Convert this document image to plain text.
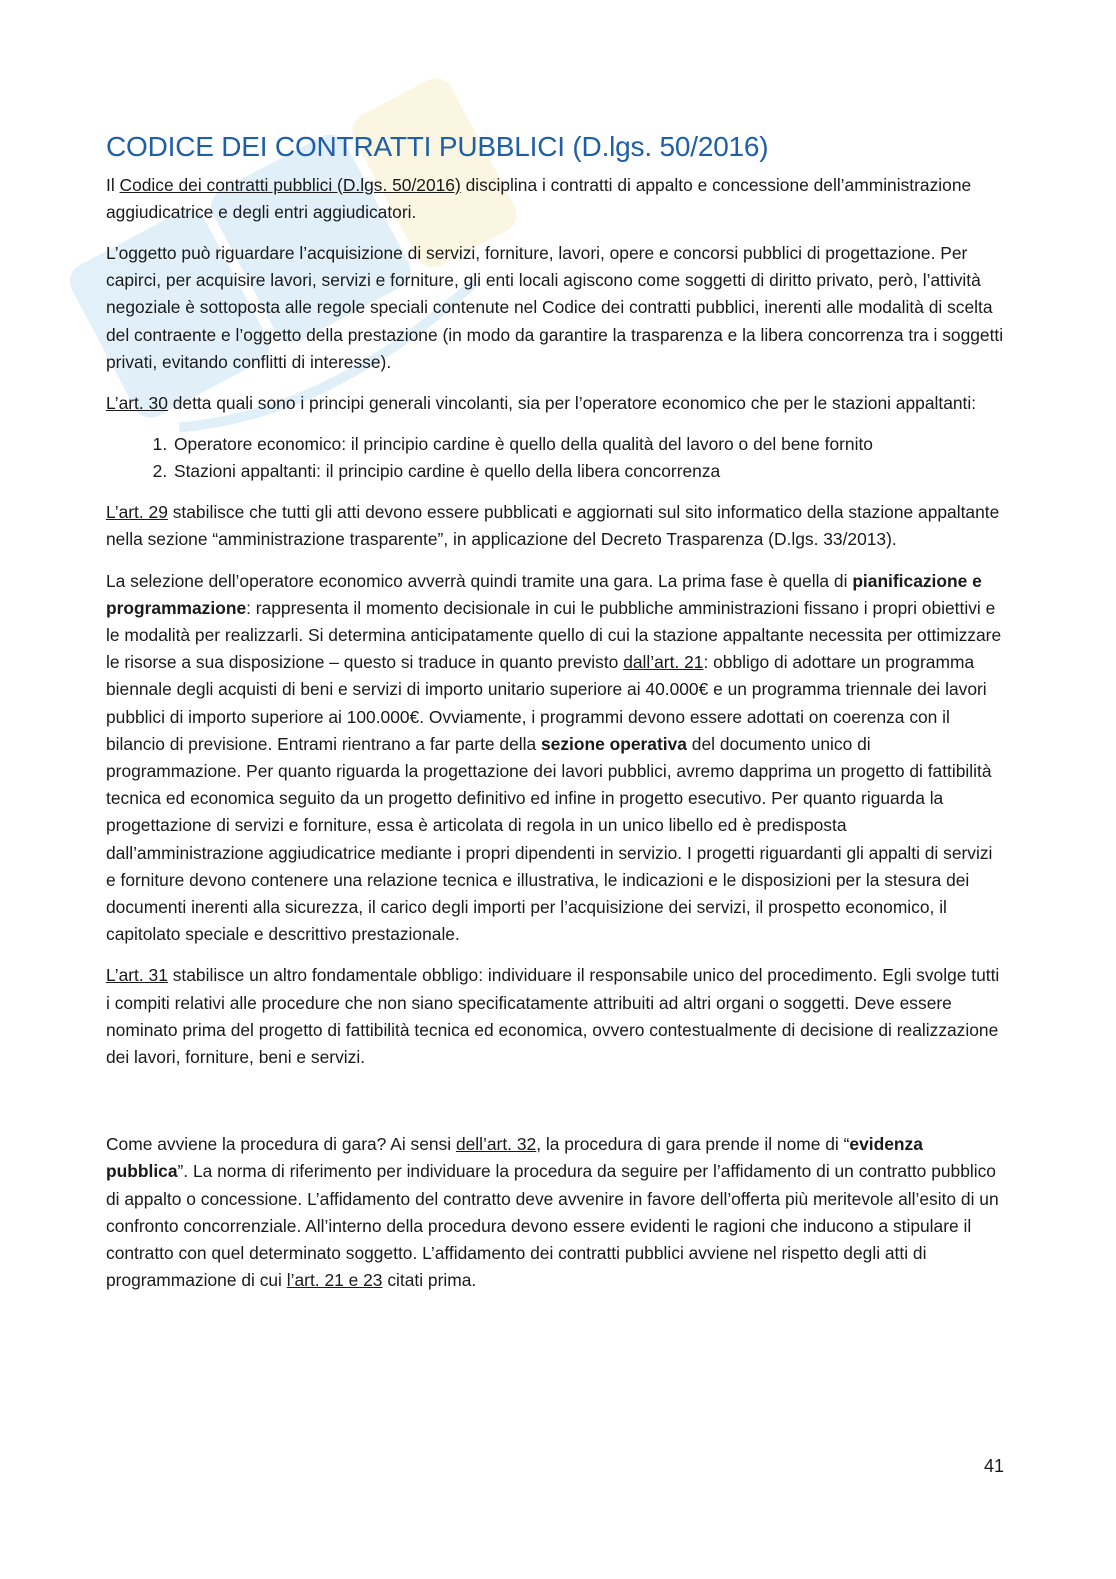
CODICE DEI CONTRATTI PUBBLICI (D.lgs. 50/2016)

Il Codice dei contratti pubblici (D.lgs. 50/2016) disciplina i contratti di appalto e concessione dell’amministrazione aggiudicatrice e degli entri aggiudicatori.

L’oggetto può riguardare l’acquisizione di servizi, forniture, lavori, opere e concorsi pubblici di progettazione. Per capirci, per acquisire lavori, servizi e forniture, gli enti locali agiscono come soggetti di diritto privato, però, l’attività negoziale è sottoposta alle regole speciali contenute nel Codice dei contratti pubblici, inerenti alle modalità di scelta del contraente e l’oggetto della prestazione (in modo da garantire la trasparenza e la libera concorrenza tra i soggetti privati, evitando conflitti di interesse).

L’art. 30 detta quali sono i principi generali vincolanti, sia per l’operatore economico che per le stazioni appaltanti:

1. Operatore economico: il principio cardine è quello della qualità del lavoro o del bene fornito
2. Stazioni appaltanti: il principio cardine è quello della libera concorrenza

L’art. 29 stabilisce che tutti gli atti devono essere pubblicati e aggiornati sul sito informatico della stazione appaltante nella sezione “amministrazione trasparente”, in applicazione del Decreto Trasparenza (D.lgs. 33/2013).

La selezione dell’operatore economico avverrà quindi tramite una gara. La prima fase è quella di pianificazione e programmazione: rappresenta il momento decisionale in cui le pubbliche amministrazioni fissano i propri obiettivi e le modalità per realizzarli. Si determina anticipatamente quello di cui la stazione appaltante necessita per ottimizzare le risorse a sua disposizione – questo si traduce in quanto previsto dall’art. 21: obbligo di adottare un programma biennale degli acquisti di beni e servizi di importo unitario superiore ai 40.000€ e un programma triennale dei lavori pubblici di importo superiore ai 100.000€. Ovviamente, i programmi devono essere adottati on coerenza con il bilancio di previsione. Entrami rientrano a far parte della sezione operativa del documento unico di programmazione. Per quanto riguarda la progettazione dei lavori pubblici, avremo dapprima un progetto di fattibilità tecnica ed economica seguito da un progetto definitivo ed infine in progetto esecutivo. Per quanto riguarda la progettazione di servizi e forniture, essa è articolata di regola in un unico libello ed è predisposta dall’amministrazione aggiudicatrice mediante i propri dipendenti in servizio. I progetti riguardanti gli appalti di servizi e forniture devono contenere una relazione tecnica e illustrativa, le indicazioni e le disposizioni per la stesura dei documenti inerenti alla sicurezza, il carico degli importi per l’acquisizione dei servizi, il prospetto economico, il capitolato speciale e descrittivo prestazionale.

L’art. 31 stabilisce un altro fondamentale obbligo: individuare il responsabile unico del procedimento. Egli svolge tutti i compiti relativi alle procedure che non siano specificatamente attribuiti ad altri organi o soggetti. Deve essere nominato prima del progetto di fattibilità tecnica ed economica, ovvero contestualmente di decisione di realizzazione dei lavori, forniture, beni e servizi.

Come avviene la procedura di gara? Ai sensi dell’art. 32, la procedura di gara prende il nome di “evidenza pubblica”. La norma di riferimento per individuare la procedura da seguire per l’affidamento di un contratto pubblico di appalto o concessione. L’affidamento del contratto deve avvenire in favore dell’offerta più meritevole all’esito di un confronto concorrenziale. All’interno della procedura devono essere evidenti le ragioni che inducono a stipulare il contratto con quel determinato soggetto. L’affidamento dei contratti pubblici avviene nel rispetto degli atti di programmazione di cui l’art. 21 e 23 citati prima.

41
